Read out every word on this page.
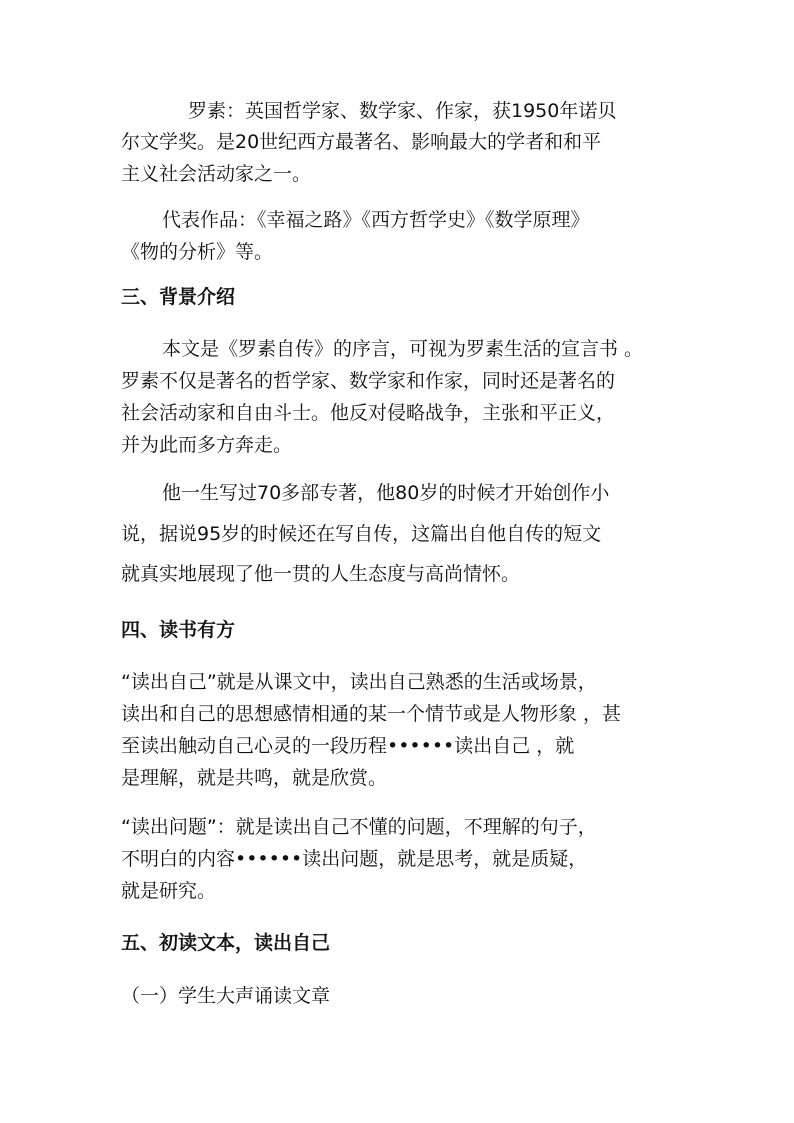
罗素：英国哲学家、数学家、作家，获1950年诺贝

尔文学奖。是20世纪西方最著名、影响最大的学者和和平

主义社会活动家之一。

代表作品：《幸福之路》《西方哲学史》《数学原理》

《物的分析》等。

三、背景介绍

本文是《罗素自传》的序言，可视为罗素生活的宣言书 。

罗素不仅是著名的哲学家、数学家和作家，同时还是著名的

社会活动家和自由斗士。他反对侵略战争，主张和平正义，

并为此而多方奔走。

他一生写过70多部专著，他80岁的时候才开始创作小

说，据说95岁的时候还在写自传，这篇出自他自传的短文

就真实地展现了他一贯的人生态度与高尚情怀。

四、读书有方

“读出自己”就是从课文中，读出自己熟悉的生活或场景，

读出和自己的思想感情相通的某一个情节或是人物形象 ，甚

至读出触动自己心灵的一段历程••••••读出自己 ，就

是理解，就是共鸣，就是欣赏。

“读出问题”：就是读出自己不懂的问题，不理解的句子，

不明白的内容••••••读出问题，就是思考，就是质疑，

就是研究。

五、初读文本，读出自己

（一）学生大声诵读文章
